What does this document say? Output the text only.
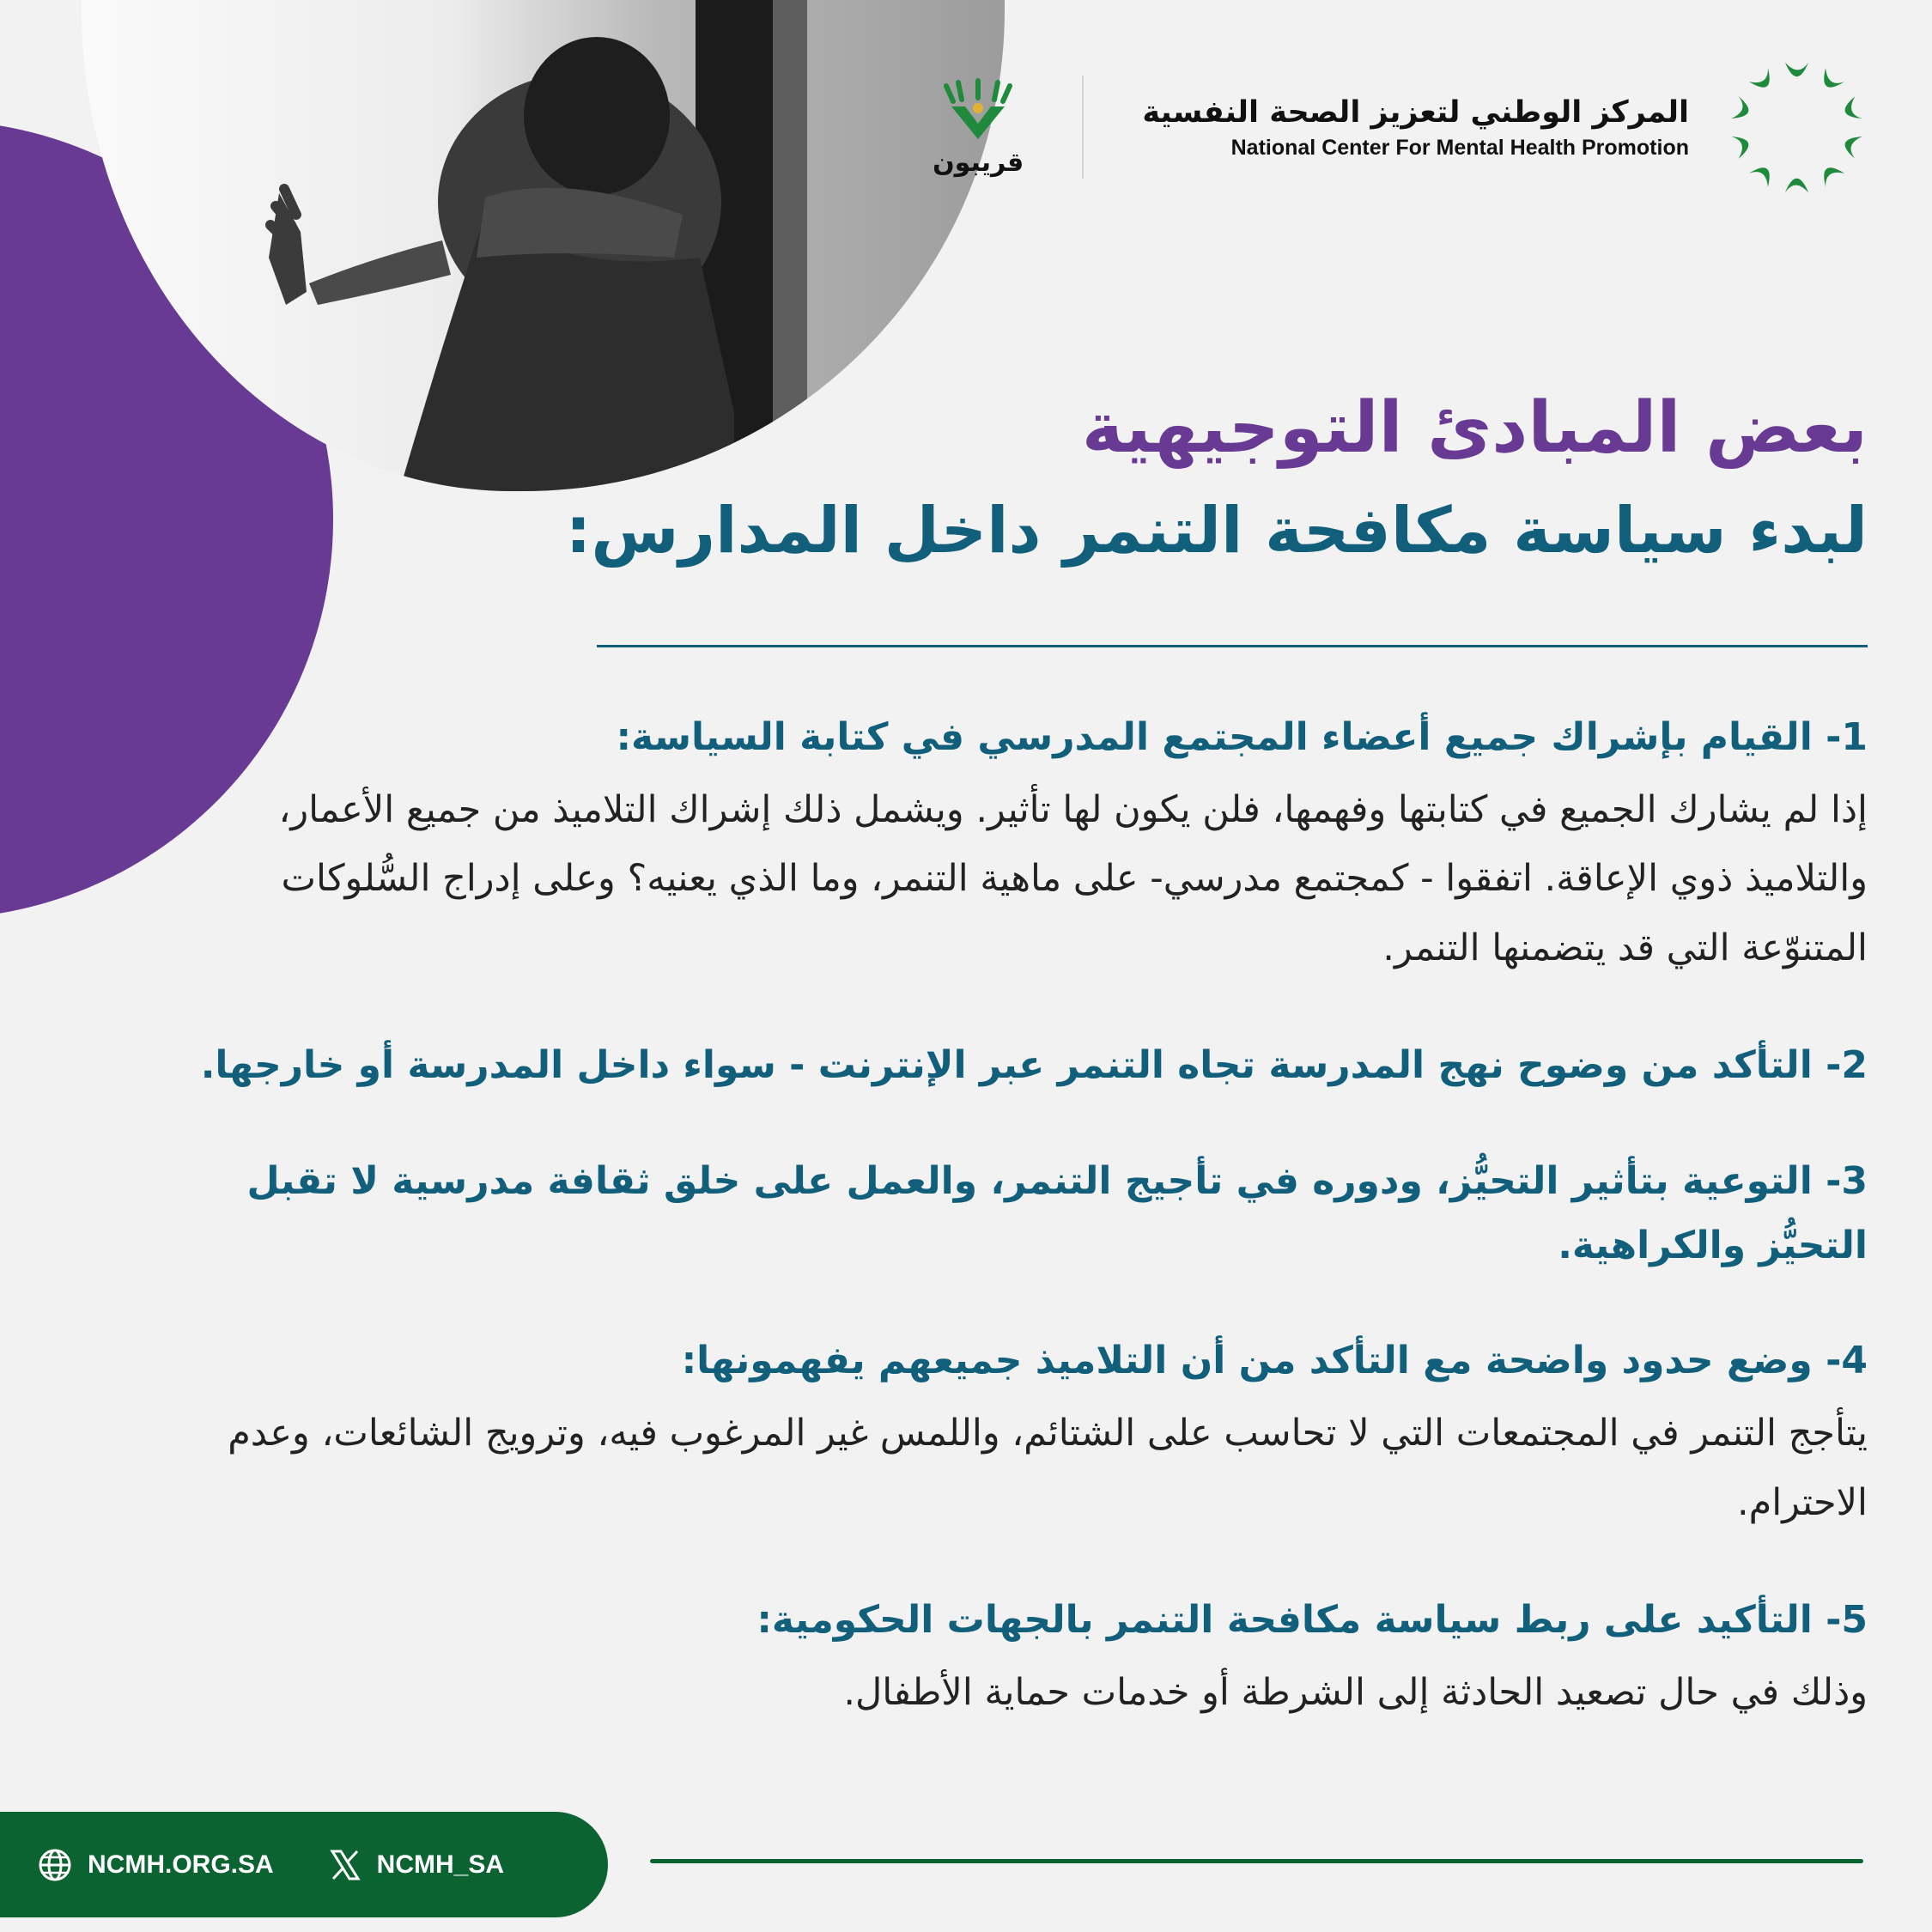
المركز الوطني لتعزيز الصحة النفسية
National Center For Mental Health Promotion
قريبون
بعض المبادئ التوجيهية
لبدء سياسة مكافحة التنمر داخل المدارس:
1- القيام بإشراك جميع أعضاء المجتمع المدرسي في كتابة السياسة:
إذا لم يشارك الجميع في كتابتها وفهمها، فلن يكون لها تأثير. ويشمل ذلك إشراك التلاميذ من جميع الأعمار، والتلاميذ ذوي الإعاقة. اتفقوا - كمجتمع مدرسي- على ماهية التنمر، وما الذي يعنيه؟ وعلى إدراج السُّلوكات المتنوّعة التي قد يتضمنها التنمر.
2- التأكد من وضوح نهج المدرسة تجاه التنمر عبر الإنترنت - سواء داخل المدرسة أو خارجها.
3- التوعية بتأثير التحيُّز، ودوره في تأجيج التنمر، والعمل على خلق ثقافة مدرسية لا تقبل التحيُّز والكراهية.
4- وضع حدود واضحة مع التأكد من أن التلاميذ جميعهم يفهمونها:
يتأجج التنمر في المجتمعات التي لا تحاسب على الشتائم، واللمس غير المرغوب فيه، وترويج الشائعات، وعدم الاحترام.
5- التأكيد على ربط سياسة مكافحة التنمر بالجهات الحكومية:
وذلك في حال تصعيد الحادثة إلى الشرطة أو خدمات حماية الأطفال.
NCMH.ORG.SA	NCMH_SA
